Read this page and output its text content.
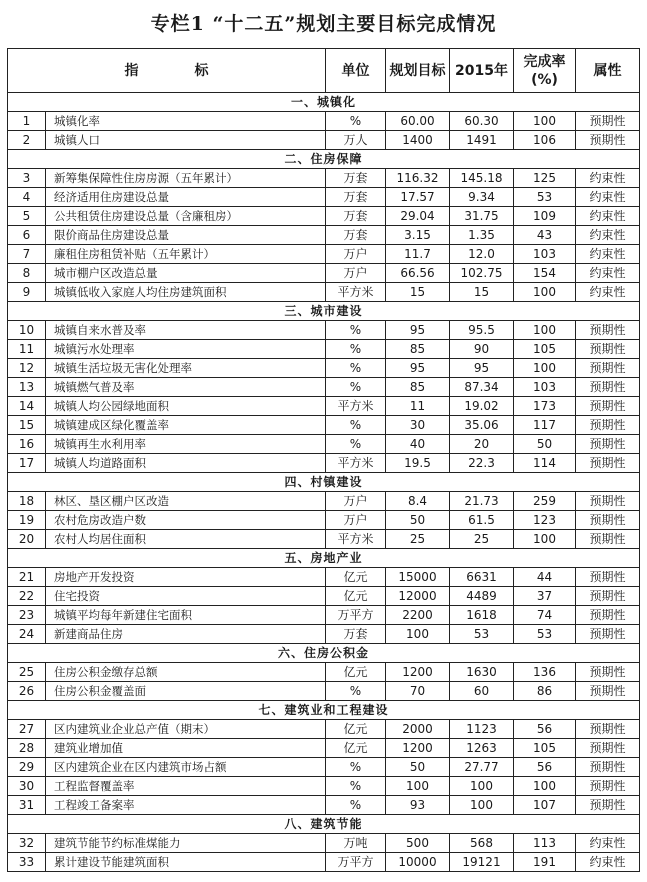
专栏1 “十二五”规划主要目标完成情况
指　　　　标		单位	规划目标	2015年	完成率(%)	属性
一、城镇化						
1	城镇化率	%	60.00	60.30	100	预期性
2	城镇人口	万人	1400	1491	106	预期性
二、住房保障						
3	新筹集保障性住房房源（五年累计）	万套	116.32	145.18	125	约束性
4	经济适用住房建设总量	万套	17.57	9.34	53	约束性
5	公共租赁住房建设总量（含廉租房）	万套	29.04	31.75	109	约束性
6	限价商品住房建设总量	万套	3.15	1.35	43	约束性
7	廉租住房租赁补贴（五年累计）	万户	11.7	12.0	103	约束性
8	城市棚户区改造总量	万户	66.56	102.75	154	约束性
9	城镇低收入家庭人均住房建筑面积	平方米	15	15	100	约束性
三、城市建设						
10	城镇自来水普及率	%	95	95.5	100	预期性
11	城镇污水处理率	%	85	90	105	预期性
12	城镇生活垃圾无害化处理率	%	95	95	100	预期性
13	城镇燃气普及率	%	85	87.34	103	预期性
14	城镇人均公园绿地面积	平方米	11	19.02	173	预期性
15	城镇建成区绿化覆盖率	%	30	35.06	117	预期性
16	城镇再生水利用率	%	40	20	50	预期性
17	城镇人均道路面积	平方米	19.5	22.3	114	预期性
四、村镇建设						
18	林区、垦区棚户区改造	万户	8.4	21.73	259	预期性
19	农村危房改造户数	万户	50	61.5	123	预期性
20	农村人均居住面积	平方米	25	25	100	预期性
五、房地产业						
21	房地产开发投资	亿元	15000	6631	44	预期性
22	住宅投资	亿元	12000	4489	37	预期性
23	城镇平均每年新建住宅面积	万平方	2200	1618	74	预期性
24	新建商品住房	万套	100	53	53	预期性
六、住房公积金						
25	住房公积金缴存总额	亿元	1200	1630	136	预期性
26	住房公积金覆盖面	%	70	60	86	预期性
七、建筑业和工程建设						
27	区内建筑业企业总产值（期末）	亿元	2000	1123	56	预期性
28	建筑业增加值	亿元	1200	1263	105	预期性
29	区内建筑企业在区内建筑市场占额	%	50	27.77	56	预期性
30	工程监督覆盖率	%	100	100	100	预期性
31	工程竣工备案率	%	93	100	107	预期性
八、建筑节能						
32	建筑节能节约标准煤能力	万吨	500	568	113	约束性
33	累计建设节能建筑面积	万平方	10000	19121	191	约束性
